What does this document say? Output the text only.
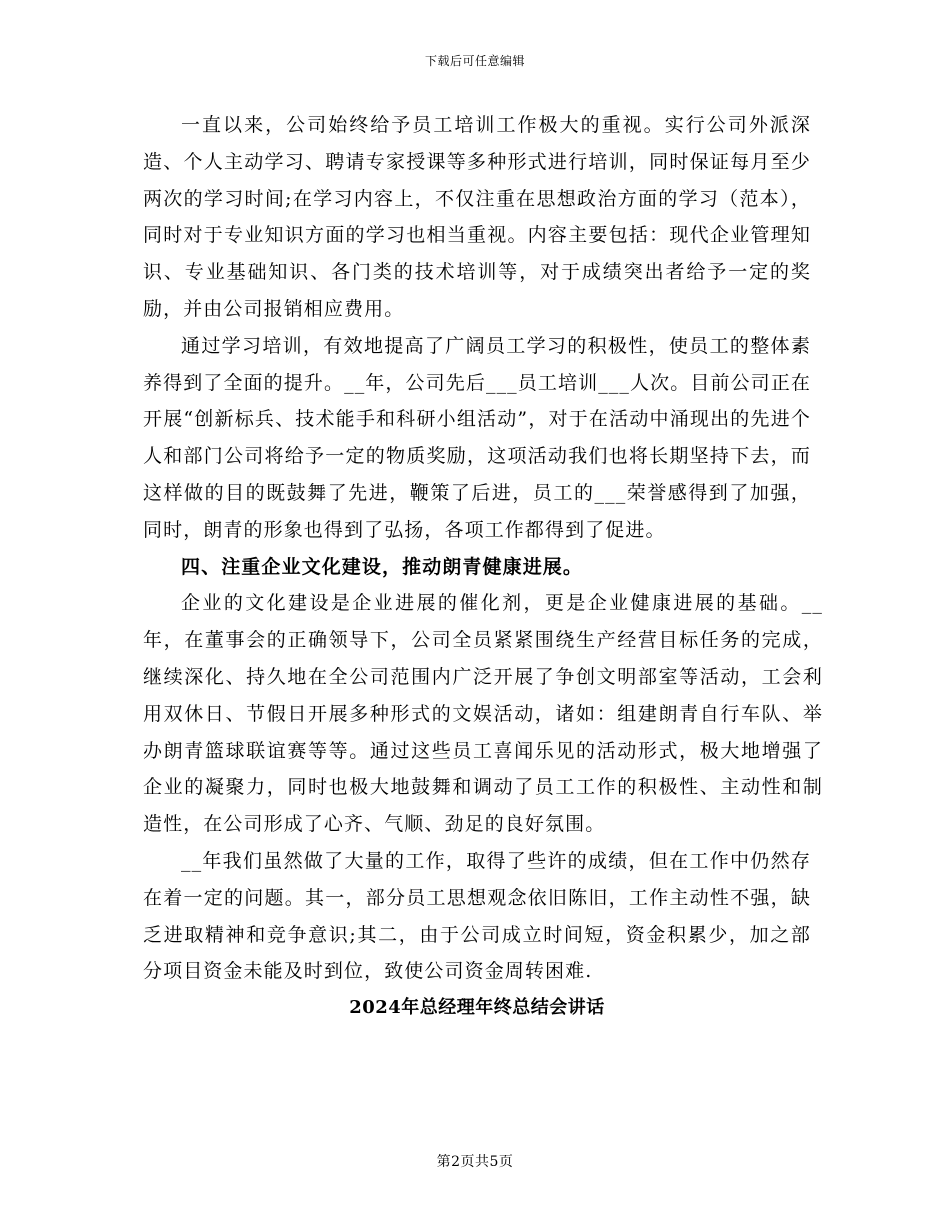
下载后可任意编辑

一直以来，公司始终给予员工培训工作极大的重视。实行公司外派深造、个人主动学习、聘请专家授课等多种形式进行培训，同时保证每月至少两次的学习时间;在学习内容上，不仅注重在思想政治方面的学习（范本），同时对于专业知识方面的学习也相当重视。内容主要包括：现代企业管理知识、专业基础知识、各门类的技术培训等，对于成绩突出者给予一定的奖励，并由公司报销相应费用。

通过学习培训，有效地提高了广阔员工学习的积极性，使员工的整体素养得到了全面的提升。__年，公司先后___员工培训___人次。目前公司正在开展“创新标兵、技术能手和科研小组活动”，对于在活动中涌现出的先进个人和部门公司将给予一定的物质奖励，这项活动我们也将长期坚持下去，而这样做的目的既鼓舞了先进，鞭策了后进，员工的___荣誉感得到了加强，同时，朗青的形象也得到了弘扬，各项工作都得到了促进。

四、注重企业文化建设，推动朗青健康进展。

企业的文化建设是企业进展的催化剂，更是企业健康进展的基础。__年，在董事会的正确领导下，公司全员紧紧围绕生产经营目标任务的完成，继续深化、持久地在全公司范围内广泛开展了争创文明部室等活动，工会利用双休日、节假日开展多种形式的文娱活动，诸如：组建朗青自行车队、举办朗青篮球联谊赛等等。通过这些员工喜闻乐见的活动形式，极大地增强了企业的凝聚力，同时也极大地鼓舞和调动了员工工作的积极性、主动性和制造性，在公司形成了心齐、气顺、劲足的良好氛围。

__年我们虽然做了大量的工作，取得了些许的成绩，但在工作中仍然存在着一定的问题。其一，部分员工思想观念依旧陈旧，工作主动性不强，缺乏进取精神和竞争意识;其二，由于公司成立时间短，资金积累少，加之部分项目资金未能及时到位，致使公司资金周转困难.

2024年总经理年终总结会讲话

第2页共5页
